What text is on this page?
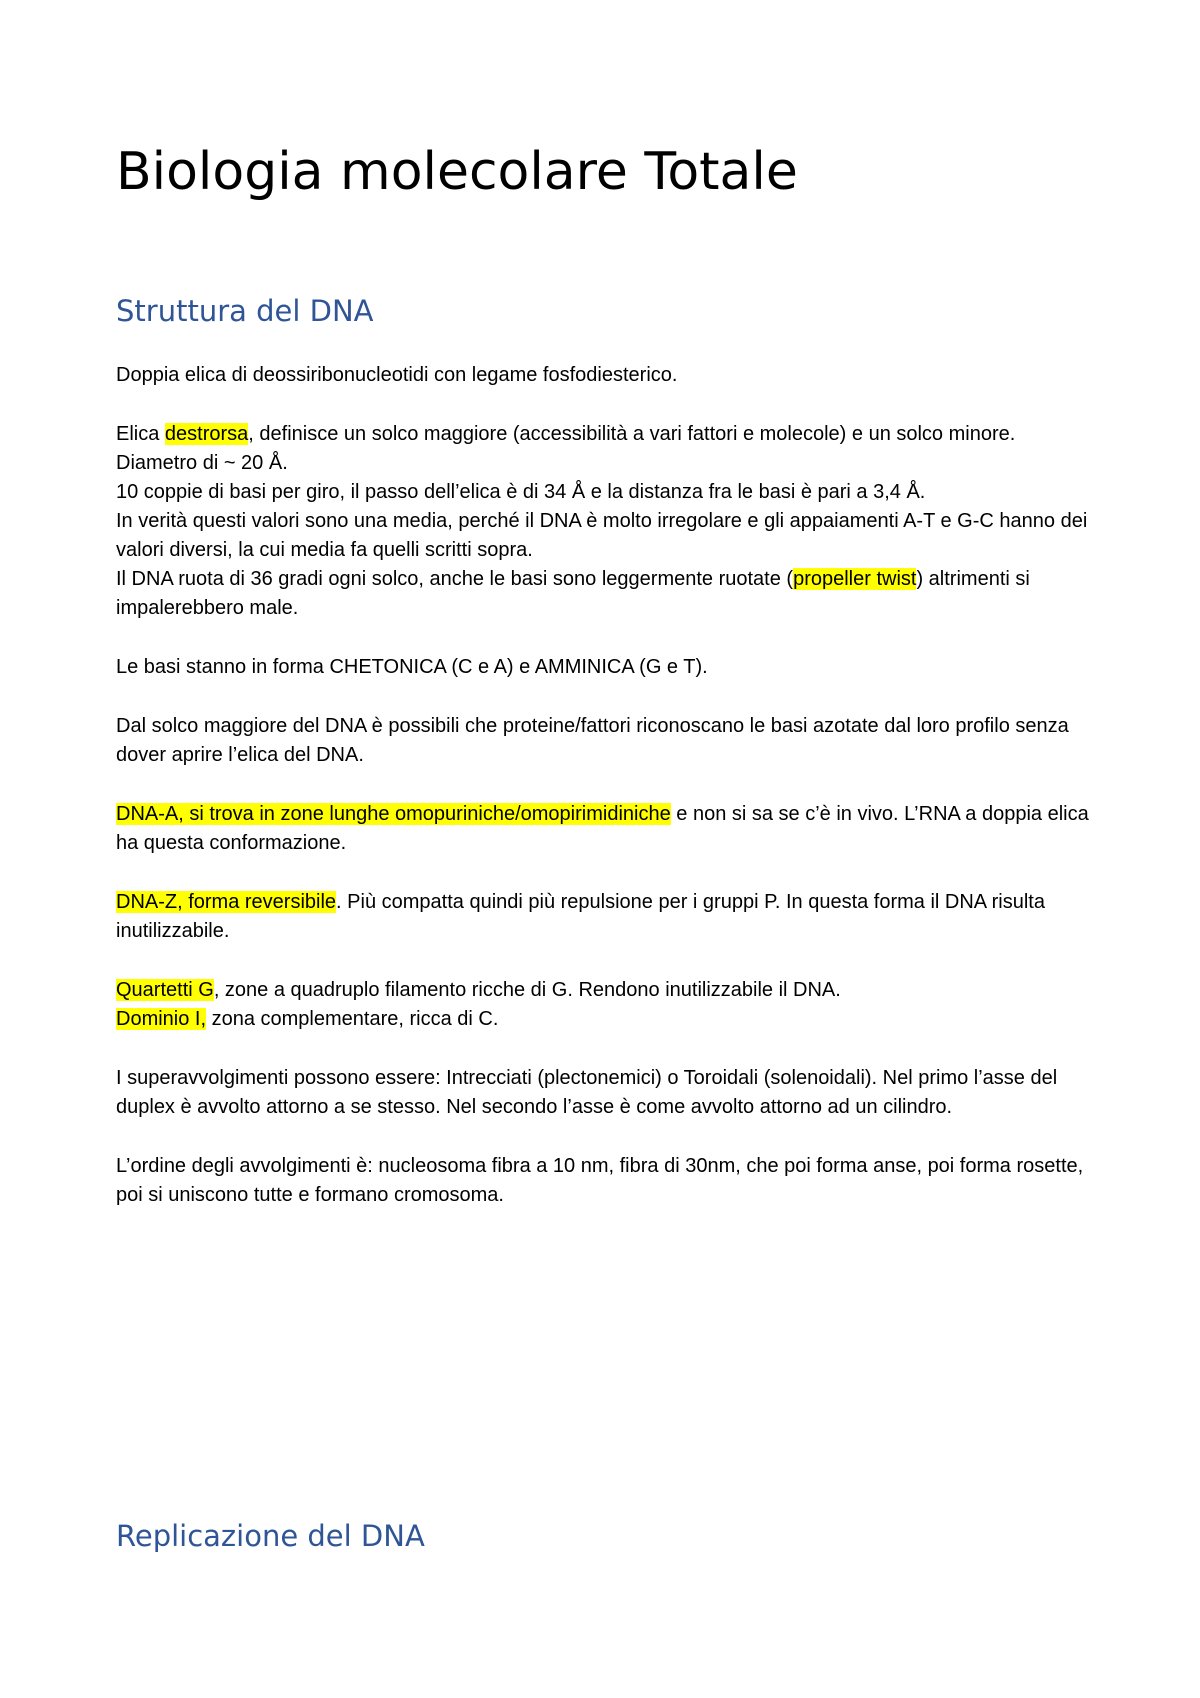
Biologia molecolare Totale
Struttura del DNA

Doppia elica di deossiribonucleotidi con legame fosfodiesterico.

Elica destrorsa, definisce un solco maggiore (accessibilità a vari fattori e molecole) e un solco minore.
Diametro di ~ 20 Å.
10 coppie di basi per giro, il passo dell’elica è di 34 Å e la distanza fra le basi è pari a 3,4 Å.
In verità questi valori sono una media, perché il DNA è molto irregolare e gli appaiamenti A-T e G-C hanno dei valori diversi, la cui media fa quelli scritti sopra.
Il DNA ruota di 36 gradi ogni solco, anche le basi sono leggermente ruotate (propeller twist) altrimenti si impalerebbero male.

Le basi stanno in forma CHETONICA (C e A) e AMMINICA (G e T).

Dal solco maggiore del DNA è possibili che proteine/fattori riconoscano le basi azotate dal loro profilo senza dover aprire l’elica del DNA.

DNA-A, si trova in zone lunghe omopuriniche/omopirimidiniche e non si sa se c’è in vivo. L’RNA a doppia elica ha questa conformazione.

DNA-Z, forma reversibile. Più compatta quindi più repulsione per i gruppi P. In questa forma il DNA risulta inutilizzabile.

Quartetti G, zone a quadruplo filamento ricche di G. Rendono inutilizzabile il DNA.
Dominio I, zona complementare, ricca di C.

I superavvolgimenti possono essere: Intrecciati (plectonemici) o Toroidali (solenoidali). Nel primo l’asse del duplex è avvolto attorno a se stesso. Nel secondo l’asse è come avvolto attorno ad un cilindro.

L’ordine degli avvolgimenti è: nucleosoma fibra a 10 nm, fibra di 30nm, che poi forma anse, poi forma rosette, poi si uniscono tutte e formano cromosoma.

Replicazione del DNA
